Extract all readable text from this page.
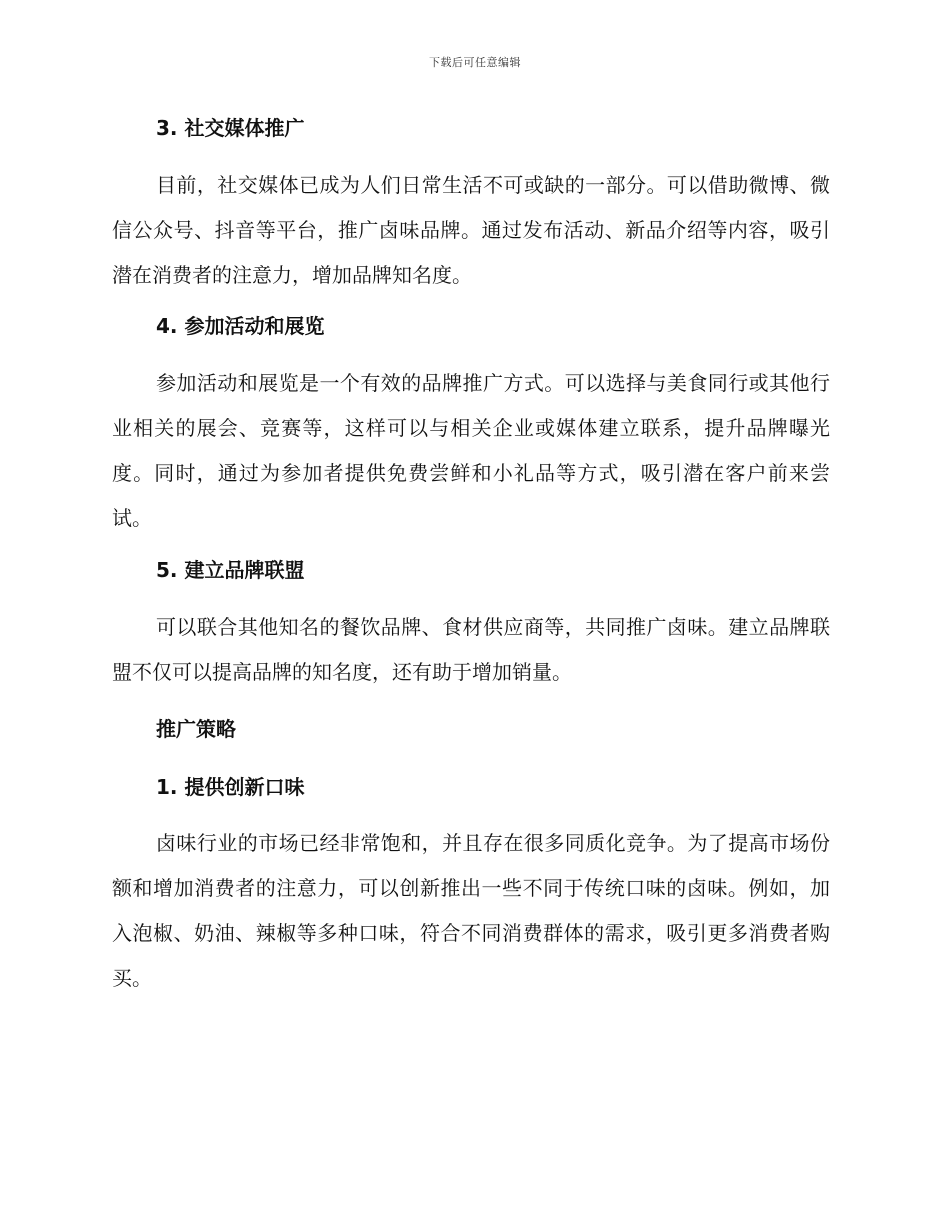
下载后可任意编辑

3. 社交媒体推广

目前，社交媒体已成为人们日常生活不可或缺的一部分。可以借助微博、微信公众号、抖音等平台，推广卤味品牌。通过发布活动、新品介绍等内容，吸引潜在消费者的注意力，增加品牌知名度。

4. 参加活动和展览

参加活动和展览是一个有效的品牌推广方式。可以选择与美食同行或其他行业相关的展会、竞赛等，这样可以与相关企业或媒体建立联系，提升品牌曝光度。同时，通过为参加者提供免费尝鲜和小礼品等方式，吸引潜在客户前来尝试。

5. 建立品牌联盟

可以联合其他知名的餐饮品牌、食材供应商等，共同推广卤味。建立品牌联盟不仅可以提高品牌的知名度，还有助于增加销量。

推广策略

1. 提供创新口味

卤味行业的市场已经非常饱和，并且存在很多同质化竞争。为了提高市场份额和增加消费者的注意力，可以创新推出一些不同于传统口味的卤味。例如，加入泡椒、奶油、辣椒等多种口味，符合不同消费群体的需求，吸引更多消费者购买。
